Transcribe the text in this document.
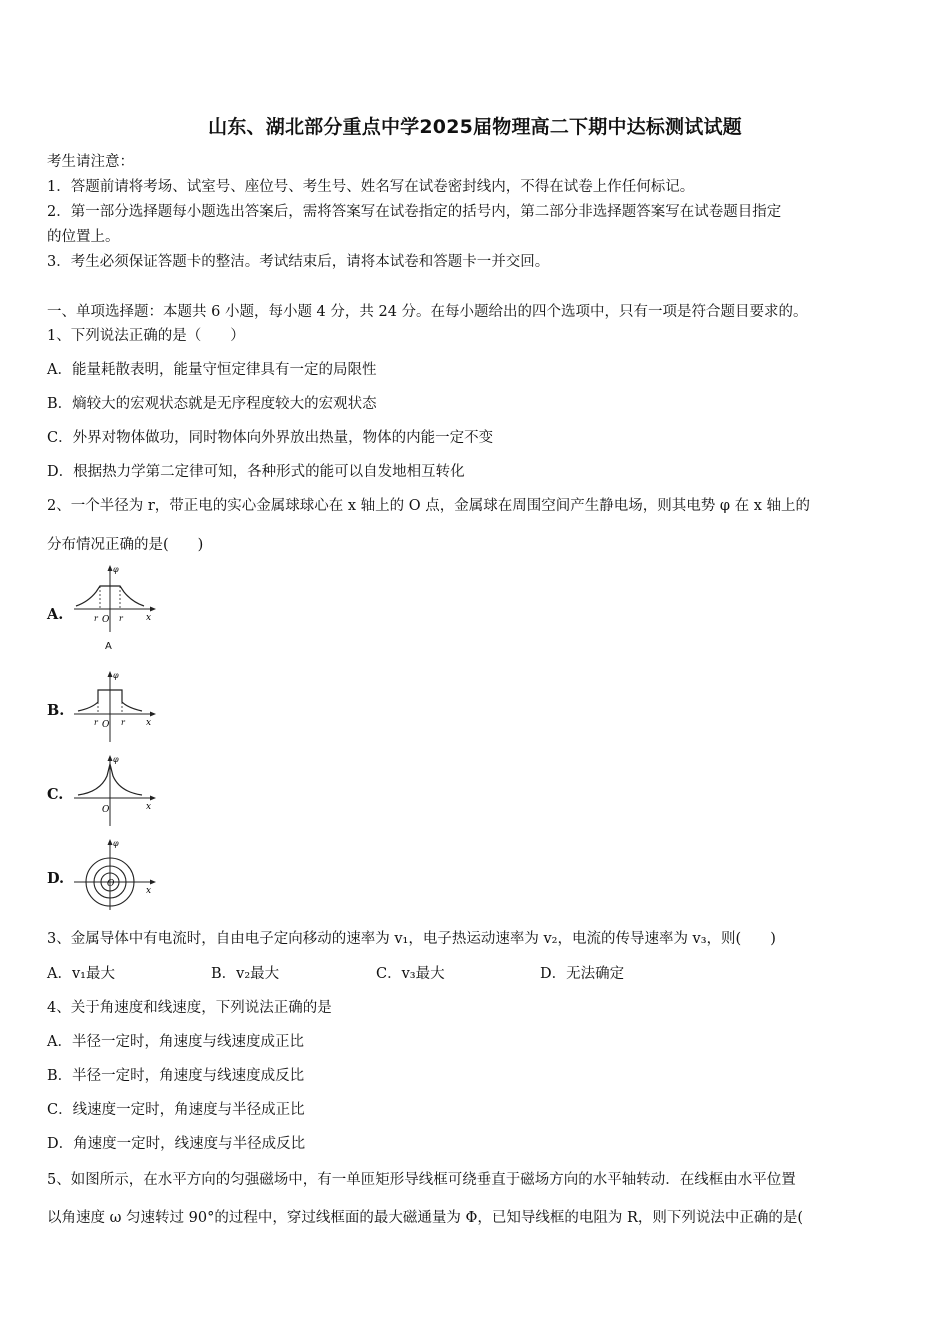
山东、湖北部分重点中学2025届物理高二下期中达标测试试题
考生请注意：
1．答题前请将考场、试室号、座位号、考生号、姓名写在试卷密封线内，不得在试卷上作任何标记。
2．第一部分选择题每小题选出答案后，需将答案写在试卷指定的括号内，第二部分非选择题答案写在试卷题目指定
的位置上。
3．考生必须保证答题卡的整洁。考试结束后，请将本试卷和答题卡一并交回。
一、单项选择题：本题共 6 小题，每小题 4 分，共 24 分。在每小题给出的四个选项中，只有一项是符合题目要求的。
1、下列说法正确的是（　　）
A．能量耗散表明，能量守恒定律具有一定的局限性
B．熵较大的宏观状态就是无序程度较大的宏观状态
C．外界对物体做功，同时物体向外界放出热量，物体的内能一定不变
D．根据热力学第二定律可知，各种形式的能可以自发地相互转化
2、一个半径为 r，带正电的实心金属球球心在 x 轴上的 O 点，金属球在周围空间产生静电场，则其电势 φ 在 x 轴上的
分布情况正确的是(　　)
A.
φ
x
O
r	r
A
B.
φ
x
O
r	r
C.
φ
x
O
D.
φ
x
O
3、金属导体中有电流时，自由电子定向移动的速率为 v₁，电子热运动速率为 v₂，电流的传导速率为 v₃，则(　　)
A．v₁最大	B．v₂最大	C．v₃最大	D．无法确定
4、关于角速度和线速度，下列说法正确的是
A．半径一定时，角速度与线速度成正比
B．半径一定时，角速度与线速度成反比
C．线速度一定时，角速度与半径成正比
D．角速度一定时，线速度与半径成反比
5、如图所示，在水平方向的匀强磁场中，有一单匝矩形导线框可绕垂直于磁场方向的水平轴转动．在线框由水平位置
以角速度 ω 匀速转过 90°的过程中，穿过线框面的最大磁通量为 Φ，已知导线框的电阻为 R，则下列说法中正确的是(
